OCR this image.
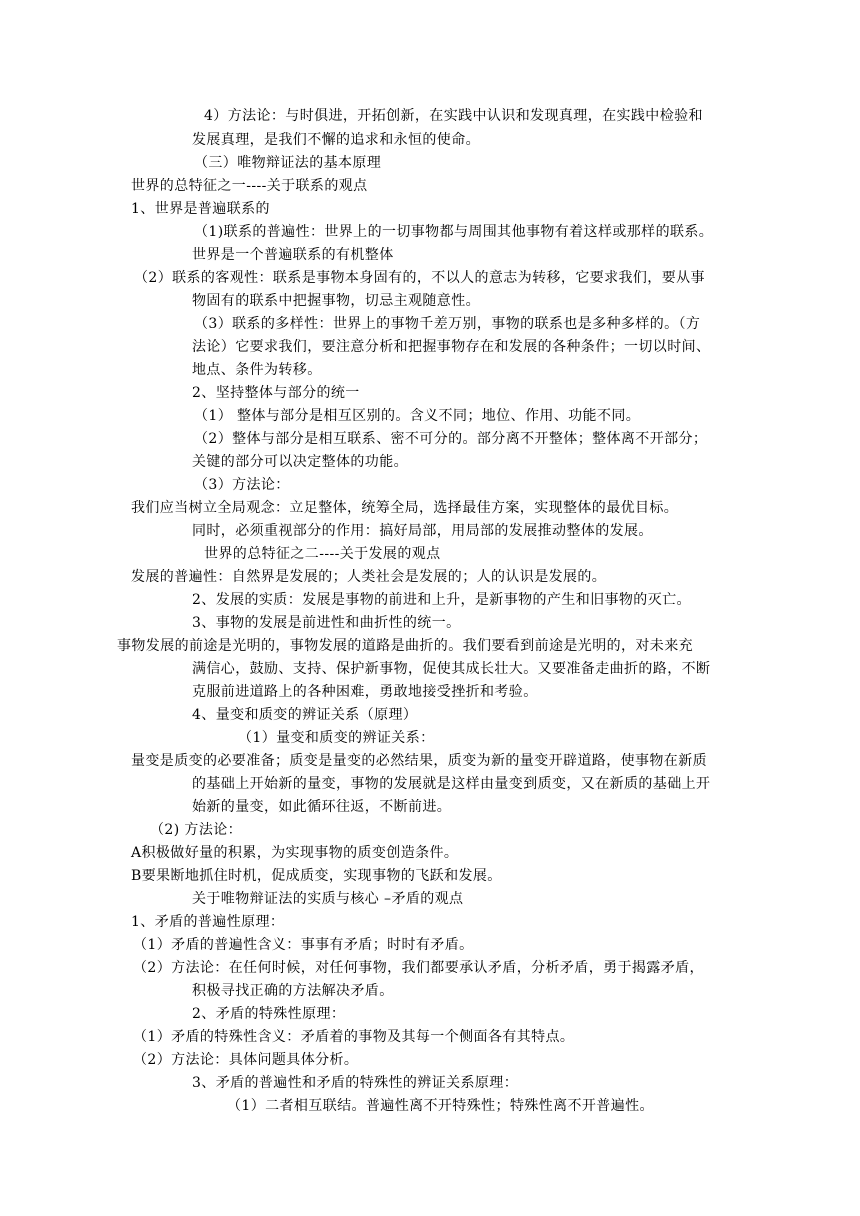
4）方法论：与时俱进，开拓创新，在实践中认识和发现真理，在实践中检验和
发展真理，是我们不懈的追求和永恒的使命。
（三）唯物辩证法的基本原理
世界的总特征之一----关于联系的观点
1、世界是普遍联系的
（1)联系的普遍性：世界上的一切事物都与周围其他事物有着这样或那样的联系。
世界是一个普遍联系的有机整体
（2）联系的客观性：联系是事物本身固有的，不以人的意志为转移，它要求我们，要从事
物固有的联系中把握事物，切忌主观随意性。
（3）联系的多样性：世界上的事物千差万别，事物的联系也是多种多样的。（方
法论）它要求我们，要注意分析和把握事物存在和发展的各种条件；一切以时间、
地点、条件为转移。
2、坚持整体与部分的统一
（1） 整体与部分是相互区别的。含义不同；地位、作用、功能不同。
（2）整体与部分是相互联系、密不可分的。部分离不开整体；整体离不开部分；
关键的部分可以决定整体的功能。
（3）方法论：
我们应当树立全局观念：立足整体，统筹全局，选择最佳方案，实现整体的最优目标。
同时，必须重视部分的作用：搞好局部，用局部的发展推动整体的发展。
世界的总特征之二----关于发展的观点
发展的普遍性：自然界是发展的；人类社会是发展的；人的认识是发展的。
2、发展的实质：发展是事物的前进和上升，是新事物的产生和旧事物的灭亡。
3、事物的发展是前进性和曲折性的统一。
事物发展的前途是光明的，事物发展的道路是曲折的。我们要看到前途是光明的，对未来充
满信心，鼓励、支持、保护新事物，促使其成长壮大。又要准备走曲折的路，不断
克服前进道路上的各种困难，勇敢地接受挫折和考验。
4、量变和质变的辨证关系（原理）
（1）量变和质变的辨证关系：
量变是质变的必要准备；质变是量变的必然结果，质变为新的量变开辟道路，使事物在新质
的基础上开始新的量变，事物的发展就是这样由量变到质变，又在新质的基础上开
始新的量变，如此循环往返，不断前进。
（2) 方法论：
A积极做好量的积累，为实现事物的质变创造条件。
B要果断地抓住时机，促成质变，实现事物的飞跃和发展。
关于唯物辩证法的实质与核心 –矛盾的观点
1、矛盾的普遍性原理：
（1）矛盾的普遍性含义：事事有矛盾；时时有矛盾。
（2）方法论：在任何时候，对任何事物，我们都要承认矛盾，分析矛盾，勇于揭露矛盾，
积极寻找正确的方法解决矛盾。
2、矛盾的特殊性原理：
（1）矛盾的特殊性含义：矛盾着的事物及其每一个侧面各有其特点。
（2）方法论：具体问题具体分析。
3、矛盾的普遍性和矛盾的特殊性的辨证关系原理：
（1）二者相互联结。普遍性离不开特殊性；特殊性离不开普遍性。
